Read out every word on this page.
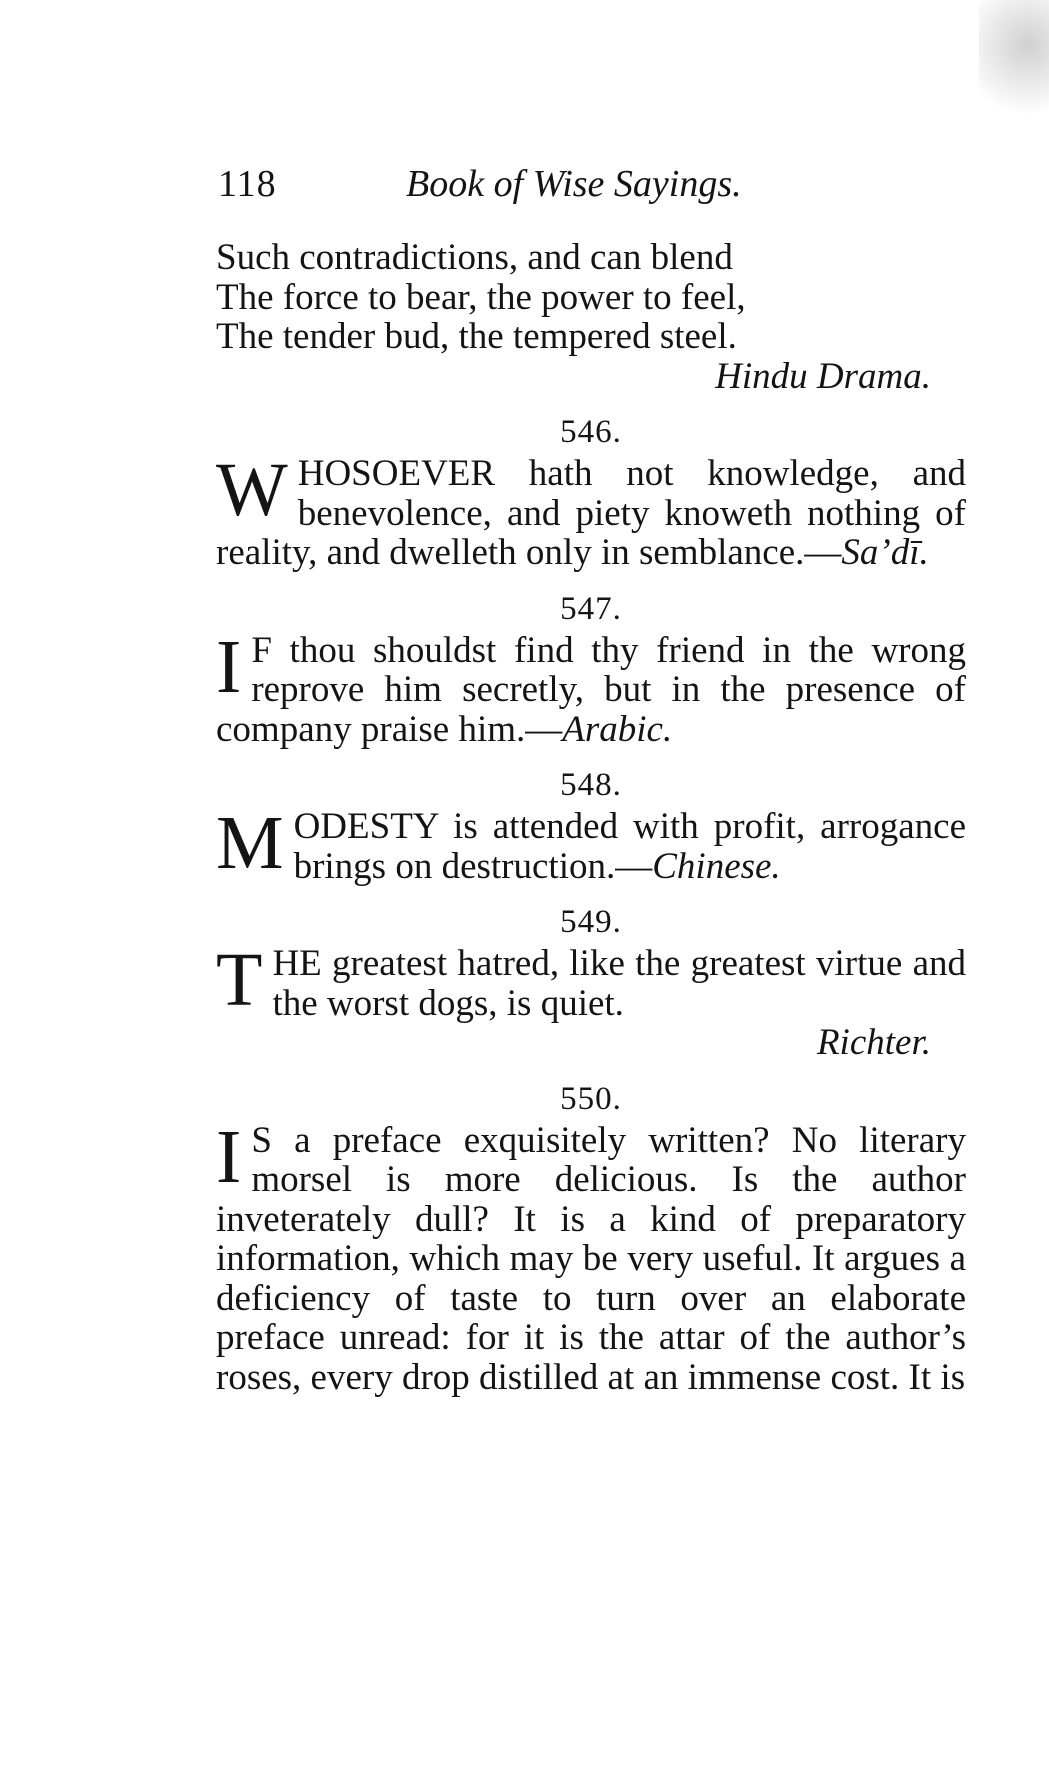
118	Book of Wise Sayings.

Such contradictions, and can blend

The force to bear, the power to feel,

The tender bud, the tempered steel.

Hindu Drama.
546.
WHOSOEVER hath not knowledge, and benevolence, and piety knoweth nothing of reality, and dwelleth only in semblance.—Sa’dī.
547.
I F thou shouldst find thy friend in the wrong reprove him secretly, but in the presence of company praise him.—Arabic.
548.
MODESTY is attended with profit, arrogance brings on destruction.—Chinese.
549.
THE greatest hatred, like the greatest virtue and the worst dogs, is quiet.
Richter.
550.
I S a preface exquisitely written? No literary morsel is more delicious. Is the author inveterately dull? It is a kind of preparatory information, which may be very useful. It argues a deficiency of taste to turn over an elaborate preface unread: for it is the attar of the author’s roses, every drop distilled at an immense cost. It is
